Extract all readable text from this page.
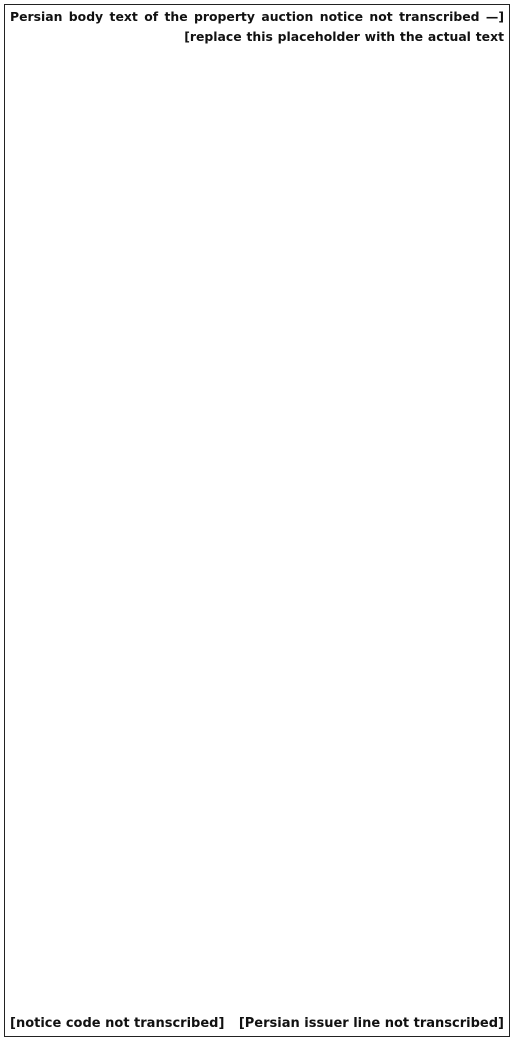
[Persian body text of the property auction notice not transcribed — replace this placeholder with the actual text]

[Persian issuer line not transcribed]
[notice code not transcribed]
